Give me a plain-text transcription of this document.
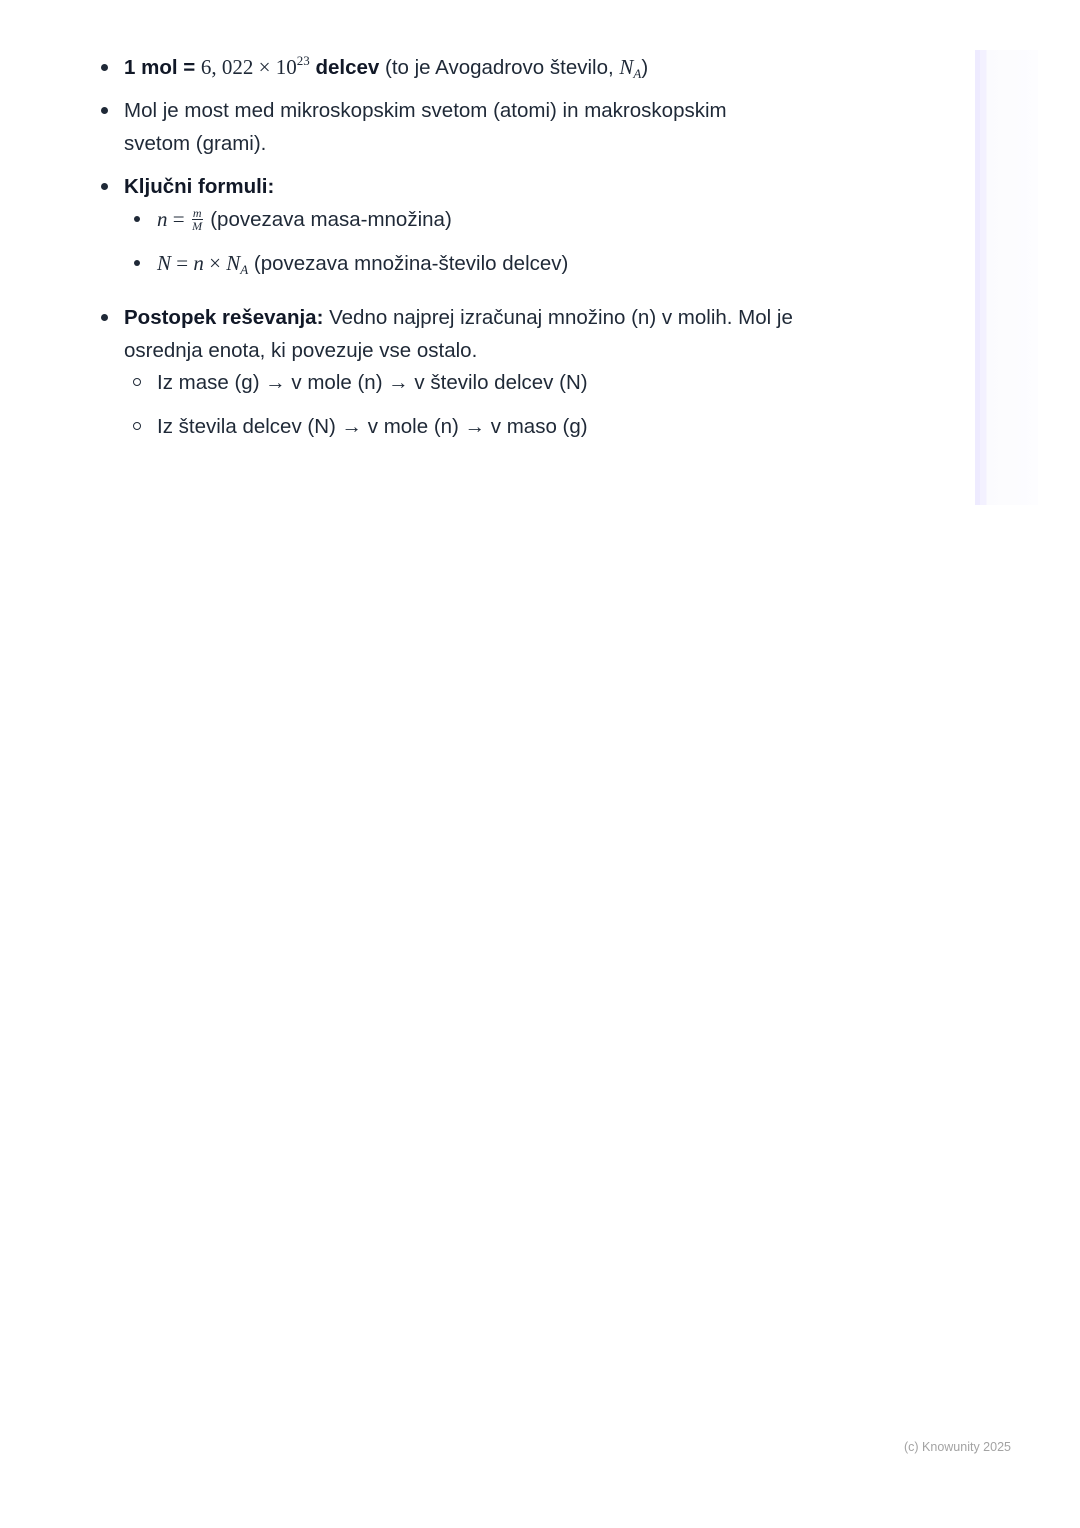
1 mol = 6, $022 \times 10^{23}$ delcev (to je Avogadrovo število, $N_A$)
Mol je most med mikroskopskim svetom (atomi) in makroskopskim
svetom (grami).
Ključni formuli:
$n = \frac{m}{M}$ (povezava masa-množina)
$N = n \times N_A$ (povezava množina-število delcev)
Postopek reševanja: Vedno najprej izračunaj množino (n) v molih. Mol je
osrednja enota, ki povezuje vse ostalo.
Iz mase (g) → v mole (n) → v število delcev (N)
Iz števila delcev (N) → v mole (n) → v maso (g)
(c) Knowunity 2025
